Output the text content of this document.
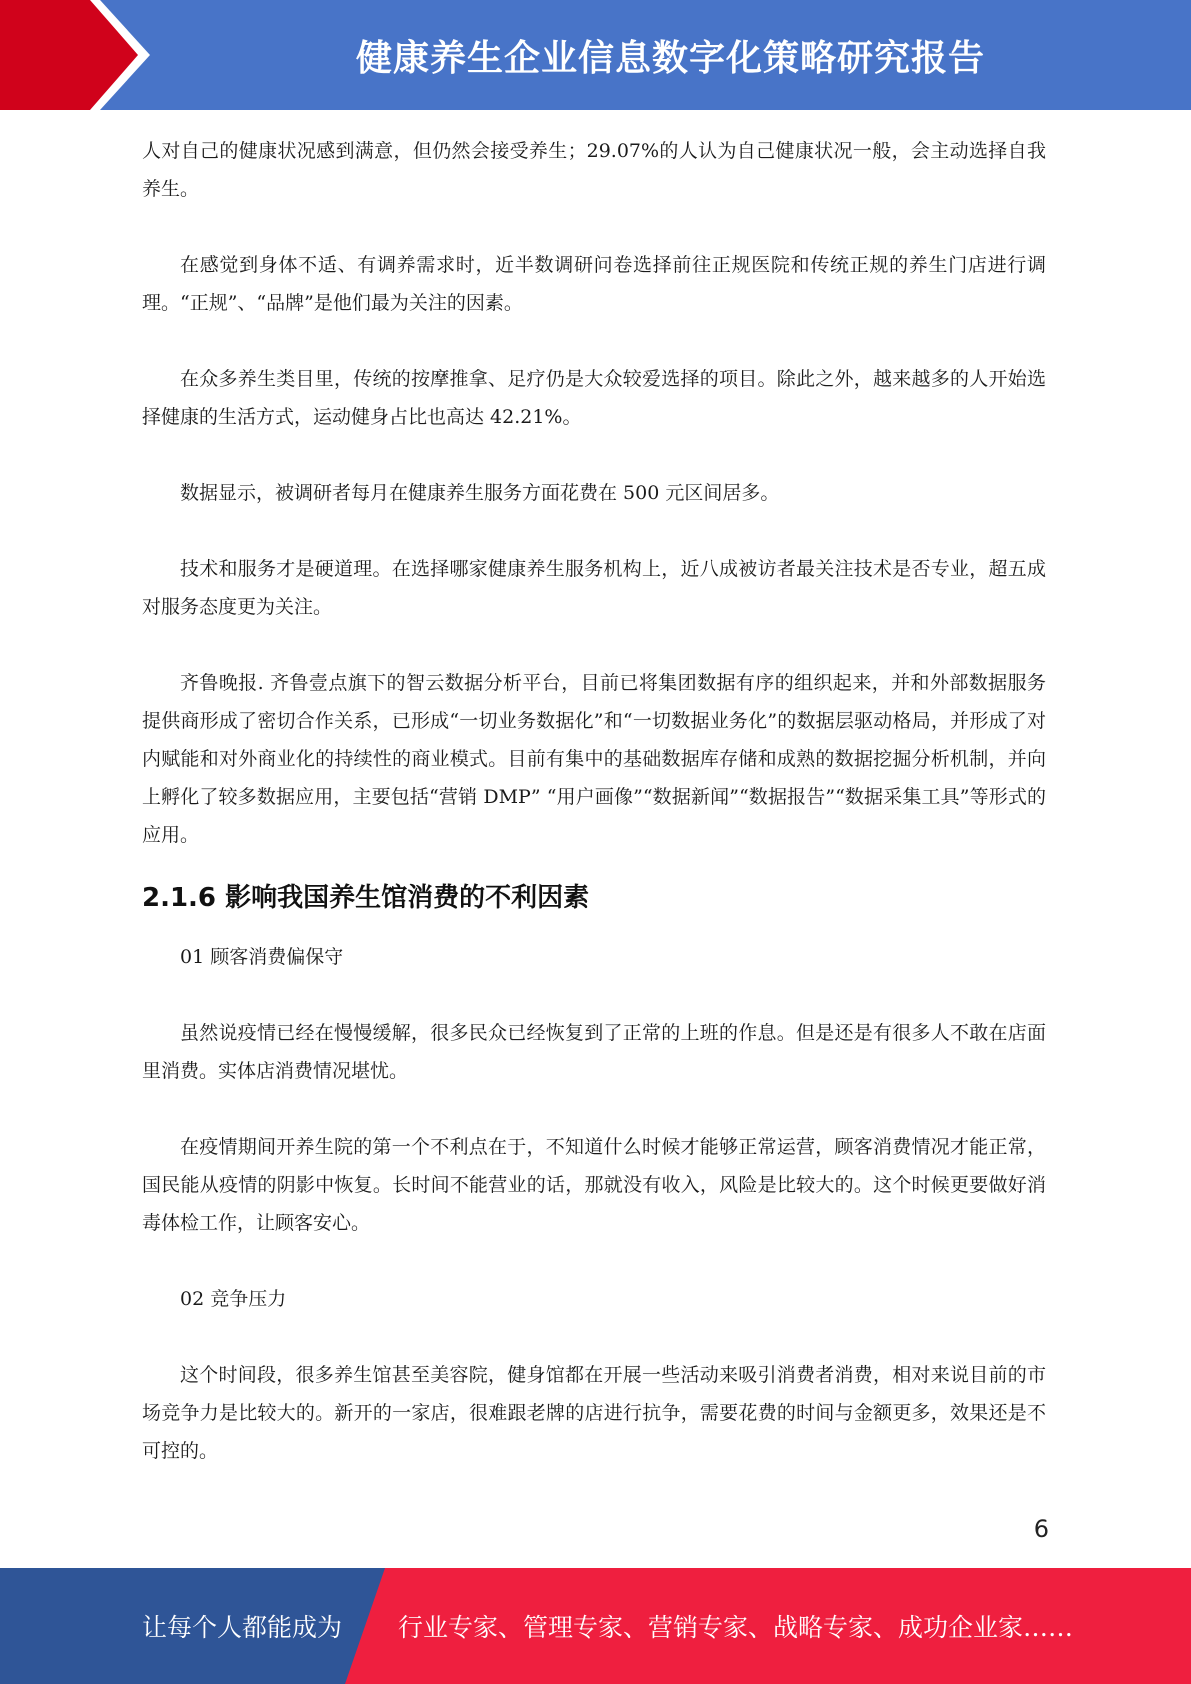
健康养生企业信息数字化策略研究报告

人对自己的健康状况感到满意，但仍然会接受养生；29.07%的人认为自己健康状况一般，会主动选择自我养生。

在感觉到身体不适、有调养需求时，近半数调研问卷选择前往正规医院和传统正规的养生门店进行调理。“正规”、“品牌”是他们最为关注的因素。

在众多养生类目里，传统的按摩推拿、足疗仍是大众较爱选择的项目。除此之外，越来越多的人开始选择健康的生活方式，运动健身占比也高达 42.21%。

数据显示，被调研者每月在健康养生服务方面花费在 500 元区间居多。

技术和服务才是硬道理。在选择哪家健康养生服务机构上，近八成被访者最关注技术是否专业，超五成对服务态度更为关注。

齐鲁晚报. 齐鲁壹点旗下的智云数据分析平台，目前已将集团数据有序的组织起来，并和外部数据服务提供商形成了密切合作关系，已形成“一切业务数据化”和“一切数据业务化”的数据层驱动格局，并形成了对内赋能和对外商业化的持续性的商业模式。目前有集中的基础数据库存储和成熟的数据挖掘分析机制，并向上孵化了较多数据应用，主要包括“营销 DMP” “用户画像”“数据新闻”“数据报告”“数据采集工具”等形式的应用。

2.1.6 影响我国养生馆消费的不利因素

01 顾客消费偏保守

虽然说疫情已经在慢慢缓解，很多民众已经恢复到了正常的上班的作息。但是还是有很多人不敢在店面里消费。实体店消费情况堪忧。

在疫情期间开养生院的第一个不利点在于，不知道什么时候才能够正常运营，顾客消费情况才能正常，国民能从疫情的阴影中恢复。长时间不能营业的话，那就没有收入，风险是比较大的。这个时候更要做好消毒体检工作，让顾客安心。

02 竞争压力

这个时间段，很多养生馆甚至美容院，健身馆都在开展一些活动来吸引消费者消费，相对来说目前的市场竞争力是比较大的。新开的一家店，很难跟老牌的店进行抗争，需要花费的时间与金额更多，效果还是不可控的。

6
让每个人都能成为 行业专家、管理专家、营销专家、战略专家、成功企业家……
